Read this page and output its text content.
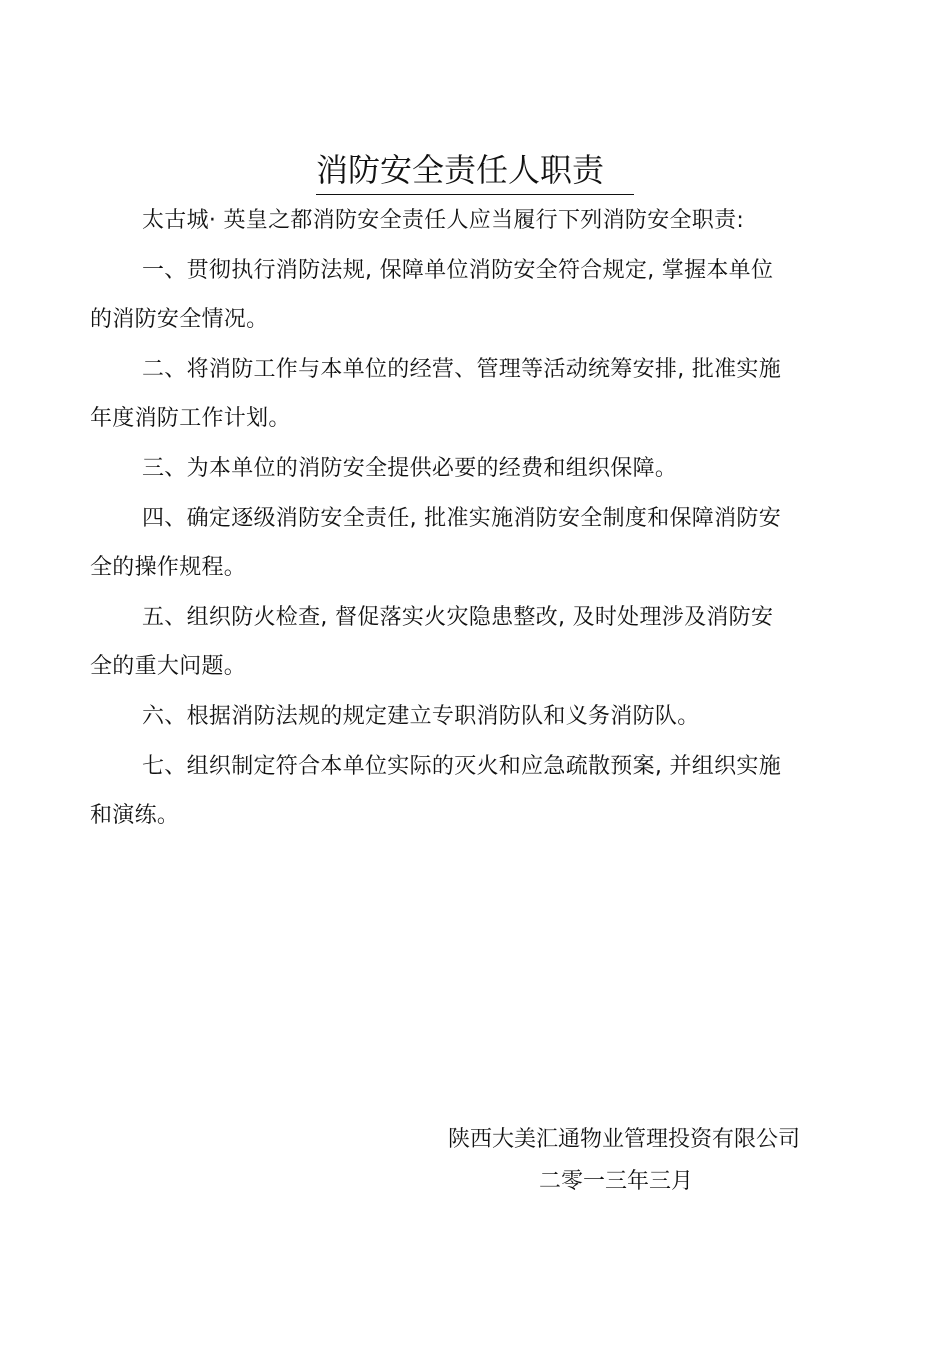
消防安全责任人职责

太古城· 英皇之都消防安全责任人应当履行下列消防安全职责:

一、贯彻执行消防法规, 保障单位消防安全符合规定, 掌握本单位的消防安全情况。

二、将消防工作与本单位的经营、管理等活动统筹安排, 批准实施年度消防工作计划。

三、为本单位的消防安全提供必要的经费和组织保障。

四、确定逐级消防安全责任, 批准实施消防安全制度和保障消防安全的操作规程。

五、组织防火检查, 督促落实火灾隐患整改, 及时处理涉及消防安全的重大问题。

六、根据消防法规的规定建立专职消防队和义务消防队。

七、组织制定符合本单位实际的灭火和应急疏散预案, 并组织实施和演练。

陕西大美汇通物业管理投资有限公司
二零一三年三月
